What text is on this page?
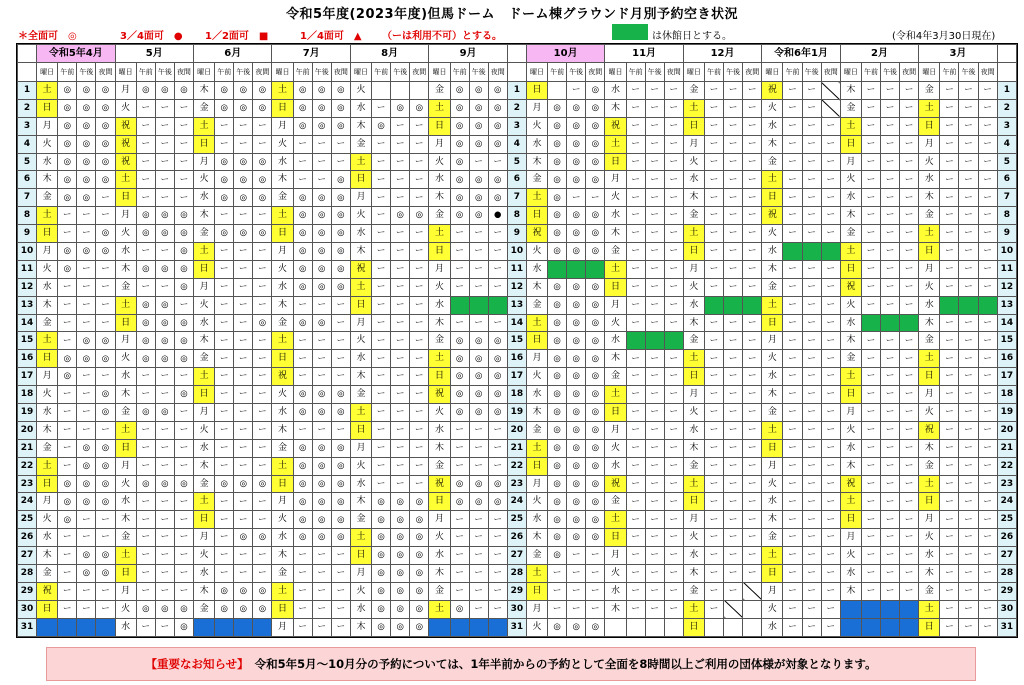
令和5年度(2023年度)但馬ドーム　ドーム棟グラウンド月別予約空き状況
＊全面可　◎	3／4面可　● 1／2面可　■	1／4面可　▲ （ーは利用不可）とする。	は休館日とする。	(令和4年3月30日現在)
	令和5年4月				5月				6月				7月				8月				9月					10月				11月				12月				令和6年1月				2月				3月				
	曜日	午前	午後	夜間	曜日	午前	午後	夜間	曜日	午前	午後	夜間	曜日	午前	午後	夜間	曜日	午前	午後	夜間	曜日	午前	午後	夜間		曜日	午前	午後	夜間	曜日	午前	午後	夜間	曜日	午前	午後	夜間	曜日	午前	午後	夜間	曜日	午前	午後	夜間	曜日	午前	午後	夜間	
1	土	◎	◎	◎	月	◎	◎	◎	木	◎	◎	◎	土	◎	◎	◎	火				金	◎	◎	◎	1	日		ー	◎	水	ー	ー	ー	金	ー	ー	ー	祝	ー	ー		木	ー	ー	ー	金	ー	ー	ー	1
2	日	◎	◎	◎	火	ー	ー	ー	金	◎	◎	◎	日	◎	◎	◎	水	ー	◎	◎	土	◎	◎	◎	2	月	◎	◎	◎	木	ー	ー	ー	土	ー	ー	ー	火	ー	ー		金	ー	ー	ー	土	ー	ー	ー	2
3	月	◎	◎	◎	祝	ー	ー	ー	土	ー	ー	ー	月	◎	◎	◎	木	◎	ー	ー	日	◎	◎	◎	3	火	◎	◎	◎	祝	ー	ー	ー	日	ー	ー	ー	水	ー	ー	ー	土	ー	ー	ー	日	ー	ー	ー	3
4	火	◎	◎	◎	祝	ー	ー	ー	日	ー	ー	ー	火	ー	ー	ー	金	ー	ー	ー	月	◎	◎	◎	4	水	◎	◎	◎	土	ー	ー	ー	月	ー	ー	ー	木	ー	ー	ー	日	ー	ー	ー	月	ー	ー	ー	4
5	水	◎	◎	◎	祝	ー	ー	ー	月	◎	◎	◎	水	ー	ー	ー	土	ー	ー	ー	火	◎	ー	ー	5	木	◎	◎	◎	日	ー	ー	ー	火	ー	ー	ー	金	ー	ー	ー	月	ー	ー	ー	火	ー	ー	ー	5
6	木	◎	◎	◎	土	ー	ー	ー	火	◎	◎	◎	木	ー	ー	◎	日	ー	ー	ー	水	◎	◎	◎	6	金	◎	◎	◎	月	ー	ー	ー	水	ー	ー	ー	土	ー	ー	ー	火	ー	ー	ー	水	ー	ー	ー	6
7	金	◎	◎	ー	日	ー	ー	ー	水	◎	◎	◎	金	◎	◎	◎	月	ー	ー	ー	木	◎	◎	◎	7	土	◎	ー	ー	火	ー	ー	ー	木	ー	ー	ー	日	ー	ー	ー	水	ー	ー	ー	木	ー	ー	ー	7
8	土	ー	ー	ー	月	◎	◎	◎	木	ー	ー	ー	土	◎	◎	◎	火	ー	◎	◎	金	◎	◎	●	8	日	◎	◎	◎	水	ー	ー	ー	金	ー	ー	ー	祝	ー	ー	ー	木	ー	ー	ー	金	ー	ー	ー	8
9	日	ー	ー	◎	火	◎	◎	◎	金	◎	◎	◎	日	◎	◎	◎	水	ー	ー	ー	土	ー	ー	ー	9	祝	◎	◎	◎	木	ー	ー	ー	土	ー	ー	ー	火	ー	ー	ー	金	ー	ー	ー	土	ー	ー	ー	9
10	月	◎	◎	◎	水	ー	ー	◎	土	ー	ー	ー	月	◎	◎	◎	木	ー	ー	ー	日	ー	ー	ー	10	火	◎	◎	◎	金	ー	ー	ー	日	ー	ー	ー	水				土	ー	ー	ー	日	ー	ー	ー	10
11	火	◎	ー	ー	木	◎	◎	◎	日	ー	ー	ー	火	◎	◎	◎	祝	ー	ー	ー	月	ー	ー	ー	11	水				土	ー	ー	ー	月	ー	ー	ー	木	ー	ー	ー	日	ー	ー	ー	月	ー	ー	ー	11
12	水	ー	ー	ー	金	ー	ー	◎	月	ー	ー	ー	水	◎	◎	◎	土	ー	ー	ー	火	ー	ー	ー	12	木	◎	◎	◎	日	ー	ー	ー	火	ー	ー	ー	金	ー	ー	ー	祝	ー	ー	ー	火	ー	ー	ー	12
13	木	ー	ー	ー	土	◎	◎	ー	火	ー	ー	ー	木	ー	ー	ー	日	ー	ー	ー	水				13	金	◎	◎	◎	月	ー	ー	ー	水				土	ー	ー	ー	火	ー	ー	ー	水				13
14	金	ー	ー	ー	日	◎	◎	◎	水	ー	ー	◎	金	◎	◎	ー	月	ー	ー	ー	木	ー	ー	ー	14	土	◎	◎	◎	火	ー	ー	ー	木	ー	ー	ー	日	ー	ー	ー	水				木	ー	ー	ー	14
15	土	ー	◎	◎	月	◎	◎	◎	木	ー	ー	ー	土	ー	ー	ー	火	ー	ー	ー	金	◎	◎	◎	15	日	◎	◎	◎	水				金	ー	ー	ー	月	ー	ー	ー	木	ー	ー	ー	金	ー	ー	ー	15
16	日	◎	◎	◎	火	◎	◎	◎	金	ー	ー	ー	日	ー	ー	ー	水	ー	ー	ー	土	◎	◎	◎	16	月	◎	◎	◎	木	ー	ー	ー	土	ー	ー	ー	火	ー	ー	ー	金	ー	ー	ー	土	ー	ー	ー	16
17	月	◎	ー	ー	水	ー	ー	ー	土	ー	ー	ー	祝	ー	ー	ー	木	ー	ー	ー	日	◎	◎	◎	17	火	◎	◎	◎	金	ー	ー	ー	日	ー	ー	ー	水	ー	ー	ー	土	ー	ー	ー	日	ー	ー	ー	17
18	火	ー	ー	◎	木	ー	ー	◎	日	ー	ー	ー	火	◎	◎	◎	金	ー	ー	ー	祝	◎	◎	◎	18	水	◎	◎	◎	土	ー	ー	ー	月	ー	ー	ー	木	ー	ー	ー	日	ー	ー	ー	月	ー	ー	ー	18
19	水	ー	ー	◎	金	◎	◎	ー	月	ー	ー	ー	水	◎	◎	◎	土	ー	ー	ー	火	◎	◎	◎	19	木	◎	◎	◎	日	ー	ー	ー	火	ー	ー	ー	金	ー	ー	ー	月	ー	ー	ー	火	ー	ー	ー	19
20	木	ー	ー	ー	土	ー	ー	ー	火	ー	ー	ー	木	ー	ー	ー	日	ー	ー	ー	水	ー	ー	ー	20	金	◎	◎	◎	月	ー	ー	ー	水	ー	ー	ー	土	ー	ー	ー	火	ー	ー	ー	祝	ー	ー	ー	20
21	金	ー	◎	◎	日	ー	ー	ー	水	ー	ー	ー	金	◎	◎	◎	月	ー	ー	ー	木	ー	ー	ー	21	土	◎	◎	◎	火	ー	ー	ー	木	ー	ー	ー	日	ー	ー	ー	水	ー	ー	ー	木	ー	ー	ー	21
22	土	ー	◎	◎	月	ー	ー	ー	木	ー	ー	ー	土	◎	◎	◎	火	ー	ー	ー	金	ー	ー	ー	22	日	◎	◎	◎	水	ー	ー	ー	金	ー	ー	ー	月	ー	ー	ー	木	ー	ー	ー	金	ー	ー	ー	22
23	日	◎	◎	◎	火	◎	◎	◎	金	◎	◎	◎	日	◎	◎	◎	水	ー	ー	ー	祝	◎	◎	◎	23	月	◎	◎	◎	祝	ー	ー	ー	土	ー	ー	ー	火	ー	ー	ー	祝	ー	ー	ー	土	ー	ー	ー	23
24	月	◎	◎	◎	水	ー	ー	ー	土	ー	ー	ー	月	◎	◎	◎	木	◎	◎	◎	日	◎	◎	◎	24	火	◎	◎	◎	金	ー	ー	ー	日	ー	ー	ー	水	ー	ー	ー	土	ー	ー	ー	日	ー	ー	ー	24
25	火	◎	ー	ー	木	ー	ー	ー	日	ー	ー	ー	火	◎	◎	◎	金	◎	◎	◎	月	ー	ー	ー	25	水	◎	◎	◎	土	ー	ー	ー	月	ー	ー	ー	木	ー	ー	ー	日	ー	ー	ー	月	ー	ー	ー	25
26	水	ー	ー	ー	金	ー	ー	ー	月	ー	◎	◎	水	◎	◎	◎	土	◎	◎	◎	火	ー	ー	ー	26	木	◎	◎	◎	日	ー	ー	ー	火	ー	ー	ー	金	ー	ー	ー	月	ー	ー	ー	火	ー	ー	ー	26
27	木	ー	◎	◎	土	ー	ー	ー	火	ー	ー	ー	木	ー	ー	ー	日	◎	◎	◎	水	ー	ー	ー	27	金	◎	ー	ー	月	ー	ー	ー	水	ー	ー	ー	土	ー	ー	ー	火	ー	ー	ー	水	ー	ー	ー	27
28	金	ー	◎	◎	日	ー	ー	ー	水	ー	ー	ー	金	ー	ー	ー	月	◎	◎	◎	木	ー	ー	ー	28	土	ー	ー	ー	火	ー	ー	ー	木	ー	ー	ー	日	ー	ー	ー	水	ー	ー	ー	木	ー	ー	ー	28
29	祝	ー	ー	ー	月	ー	ー	ー	木	◎	◎	◎	土	ー	ー	ー	火	◎	◎	◎	金	ー	ー	ー	29	日	ー	ー	ー	水	ー	ー	ー	金	ー	ー		月	ー	ー	ー	木	ー	ー	ー	金	ー	ー	ー	29
30	日	ー	ー	ー	火	◎	◎	◎	金	◎	◎	◎	日	ー	ー	ー	水	◎	◎	◎	土	◎	ー	ー	30	月	ー	ー	ー	木	ー	ー	ー	土	ー			火	ー	ー	ー					土	ー	ー	ー	30
31					水	ー	ー	◎					月	ー	ー	ー	木	◎	◎	◎					31	火	◎	◎	◎					日				水	ー	ー	ー					日	ー	ー	ー	31
【重要なお知らせ】 令和5年5月～10月分の予約については、1年半前からの予約として全面を8時間以上ご利用の団体様が対象となります。
